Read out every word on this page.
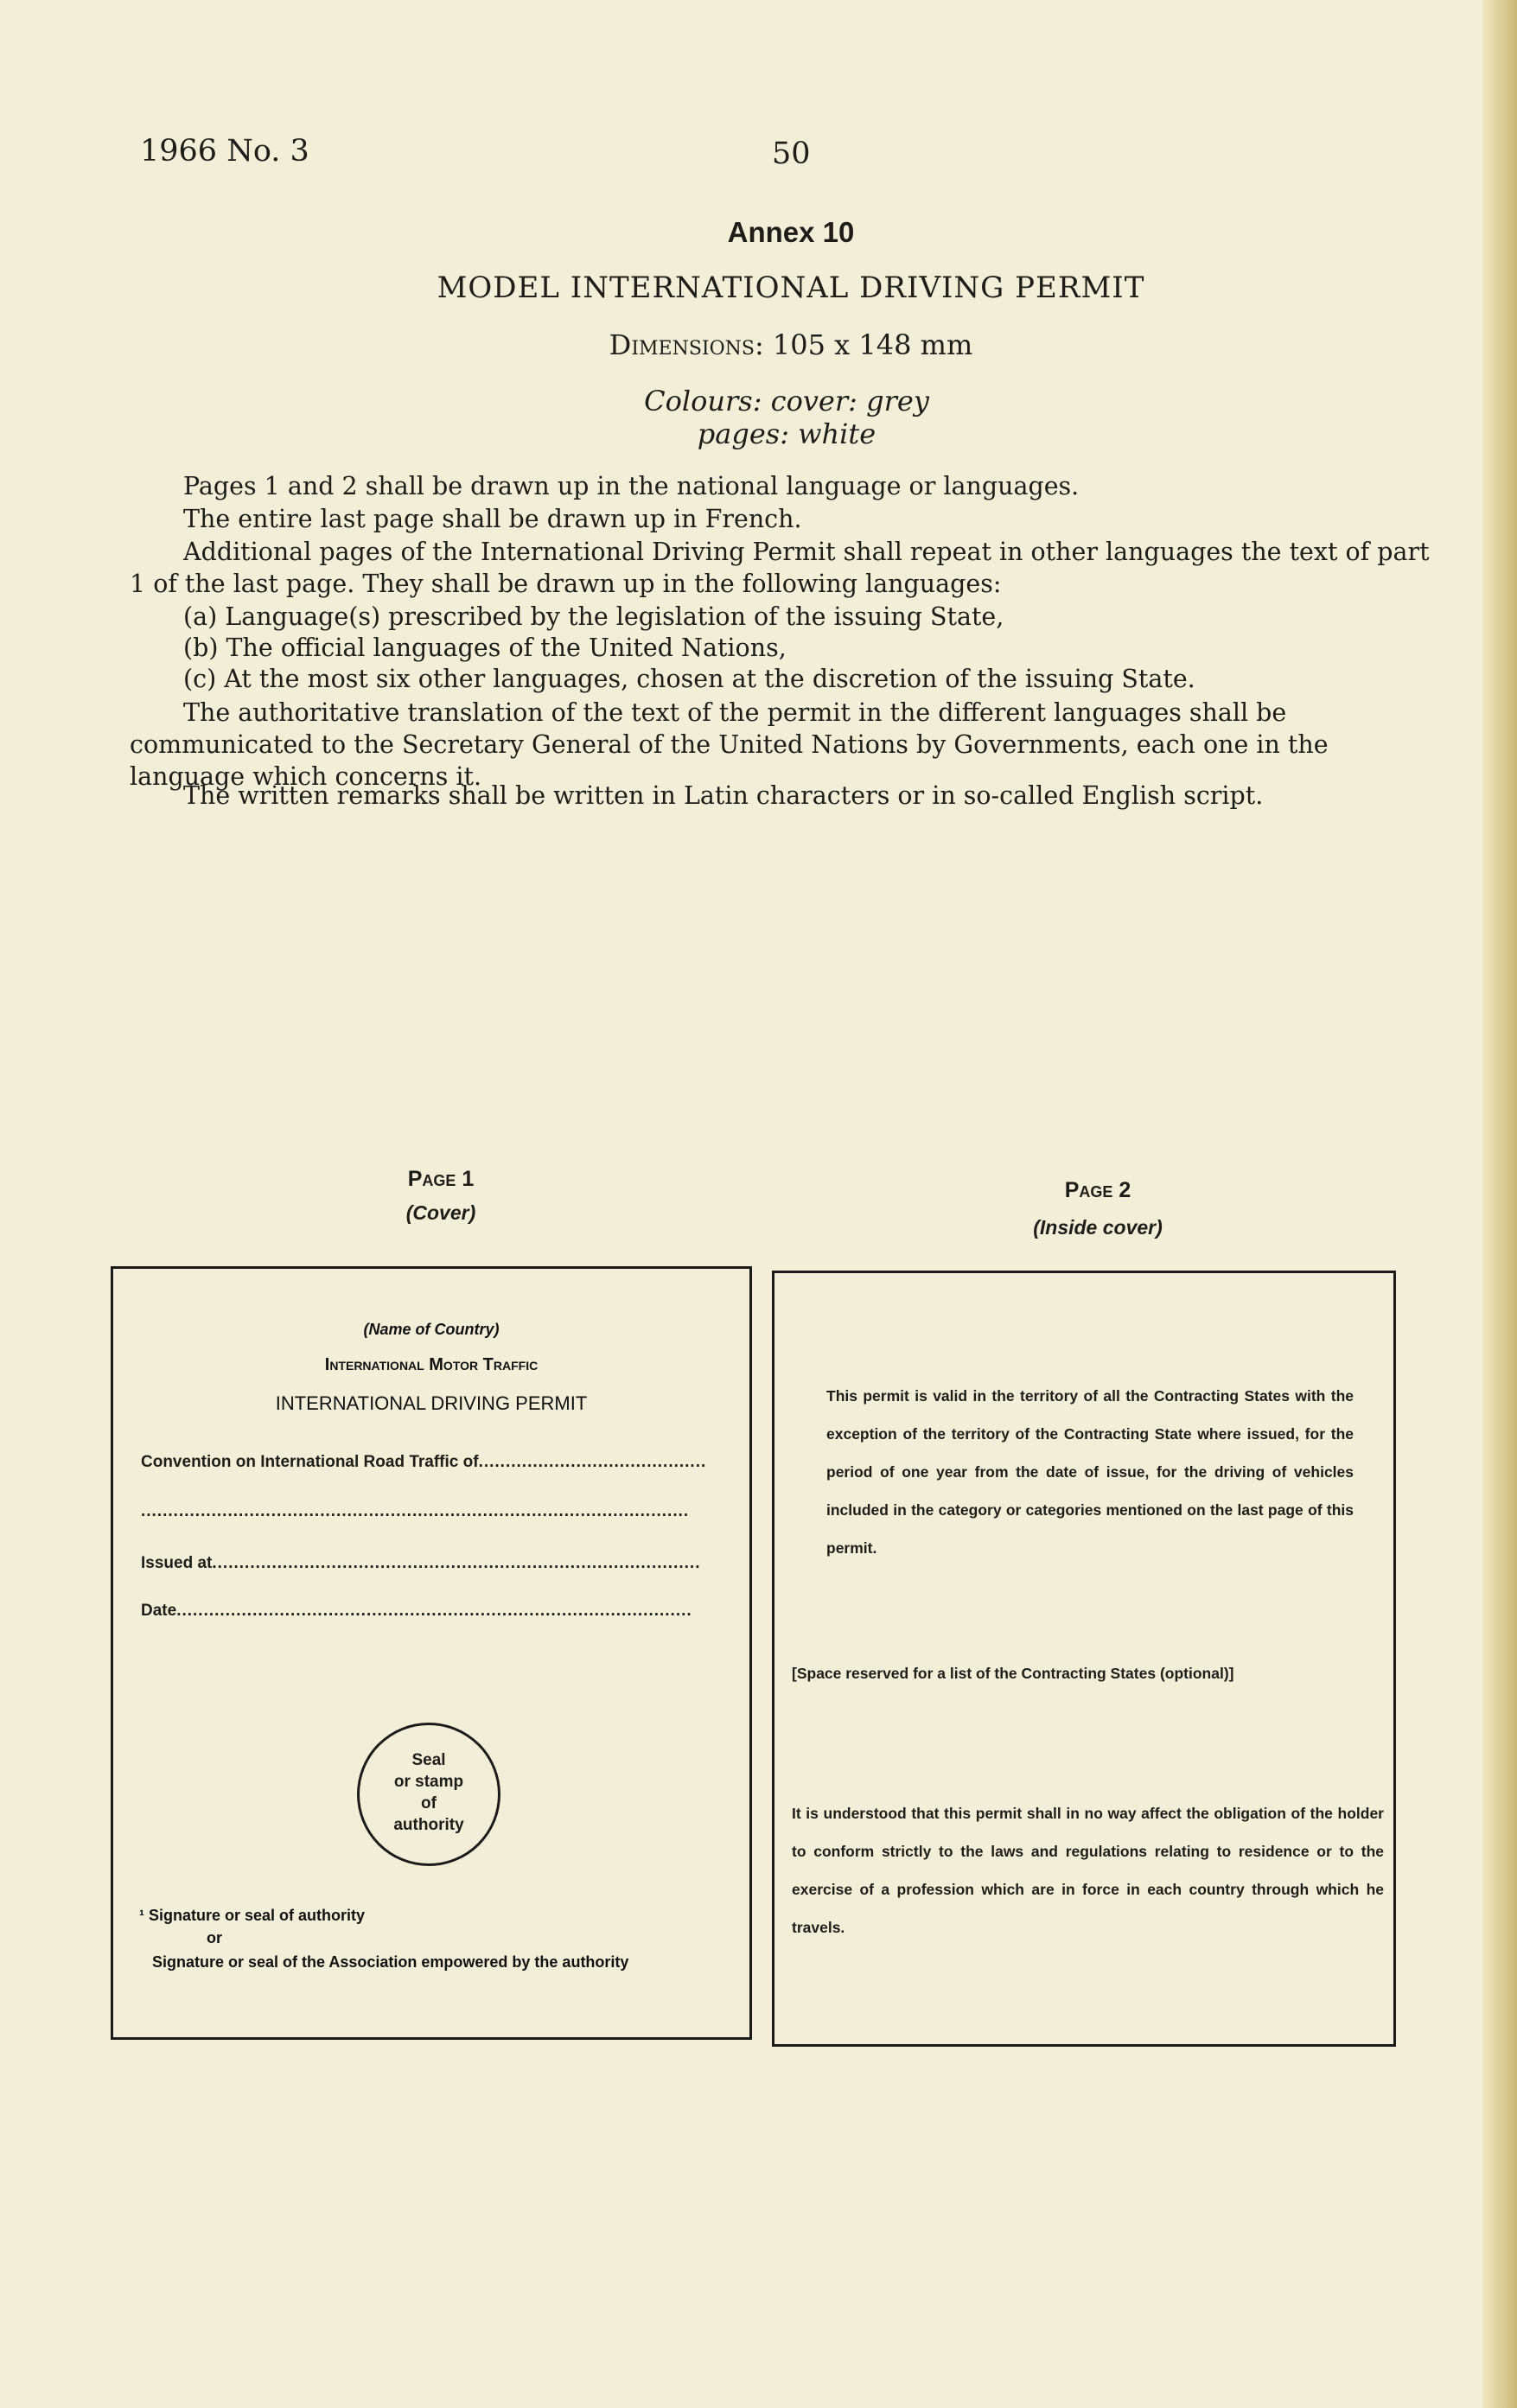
1966 No. 3	50
Annex 10
MODEL INTERNATIONAL DRIVING PERMIT
Dimensions: 105 x 148 mm
Colours: cover: grey
pages: white

Pages 1 and 2 shall be drawn up in the national language or languages.

The entire last page shall be drawn up in French.

Additional pages of the International Driving Permit shall repeat in other languages the text of part 1 of the last page. They shall be drawn up in the following languages:

(a) Language(s) prescribed by the legislation of the issuing State,

(b) The official languages of the United Nations,

(c) At the most six other languages, chosen at the discretion of the issuing State.

The authoritative translation of the text of the permit in the different languages shall be communicated to the Secretary General of the United Nations by Governments, each one in the language which concerns it.

The written remarks shall be written in Latin characters or in so-called English script.

Page 1
(Cover)
Page 2
(Inside cover)
(Name of Country)
International Motor Traffic
INTERNATIONAL DRIVING PERMIT
Convention on International Road Traffic of..........................................
.....................................................................................................
Issued at..........................................................................................
Date...............................................................................................
Seal
or stamp
of
authority
¹ Signature or seal of authority
or
Signature or seal of the Association empowered by the authority
This permit is valid in the territory of all the Contracting States with the exception of the territory of the Contracting State where issued, for the period of one year from the date of issue, for the driving of vehicles included in the category or categories mentioned on the last page of this permit.
[Space reserved for a list of the Contracting States (optional)]
It is understood that this permit shall in no way affect the obligation of the holder to conform strictly to the laws and regulations relating to residence or to the exercise of a profession which are in force in each country through which he travels.
